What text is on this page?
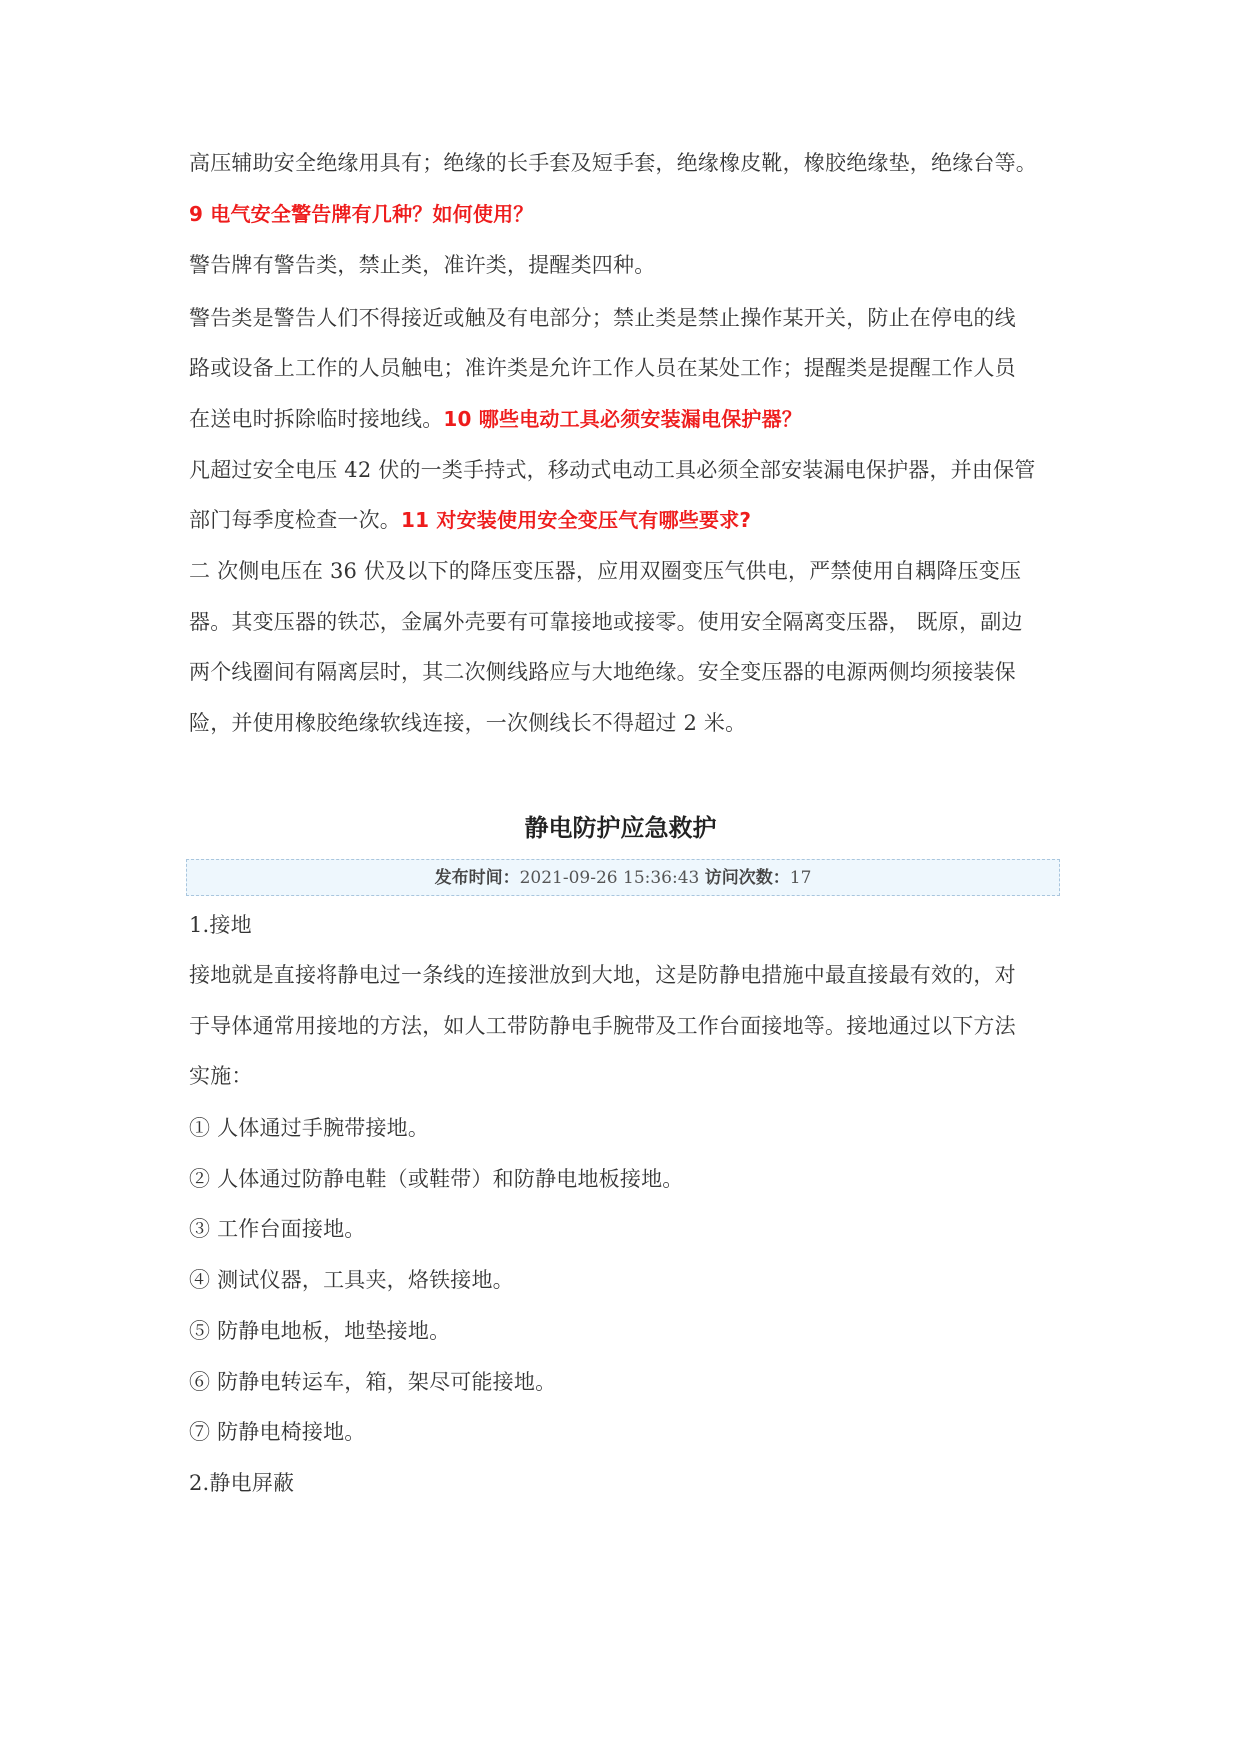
高压辅助安全绝缘用具有；绝缘的长手套及短手套，绝缘橡皮靴，橡胶绝缘垫，绝缘台等。
9 电气安全警告牌有几种？如何使用？
警告牌有警告类，禁止类，准许类，提醒类四种。
警告类是警告人们不得接近或触及有电部分；禁止类是禁止操作某开关，防止在停电的线
路或设备上工作的人员触电；准许类是允许工作人员在某处工作；提醒类是提醒工作人员
在送电时拆除临时接地线。10 哪些电动工具必须安装漏电保护器？
凡超过安全电压 42 伏的一类手持式，移动式电动工具必须全部安装漏电保护器，并由保管
部门每季度检查一次。11 对安装使用安全变压气有哪些要求?
二 次侧电压在 36 伏及以下的降压变压器，应用双圈变压气供电，严禁使用自耦降压变压
器。其变压器的铁芯，金属外壳要有可靠接地或接零。使用安全隔离变压器， 既原，副边
两个线圈间有隔离层时，其二次侧线路应与大地绝缘。安全变压器的电源两侧均须接装保
险，并使用橡胶绝缘软线连接，一次侧线长不得超过 2 米。
静电防护应急救护
发布时间：2021-09-26 15:36:43 访问次数：17
1.接地
接地就是直接将静电过一条线的连接泄放到大地，这是防静电措施中最直接最有效的，对
于导体通常用接地的方法，如人工带防静电手腕带及工作台面接地等。接地通过以下方法
实施：
① 人体通过手腕带接地。
② 人体通过防静电鞋（或鞋带）和防静电地板接地。
③ 工作台面接地。
④ 测试仪器，工具夹，烙铁接地。
⑤ 防静电地板，地垫接地。
⑥ 防静电转运车，箱，架尽可能接地。
⑦ 防静电椅接地。
2.静电屏蔽
